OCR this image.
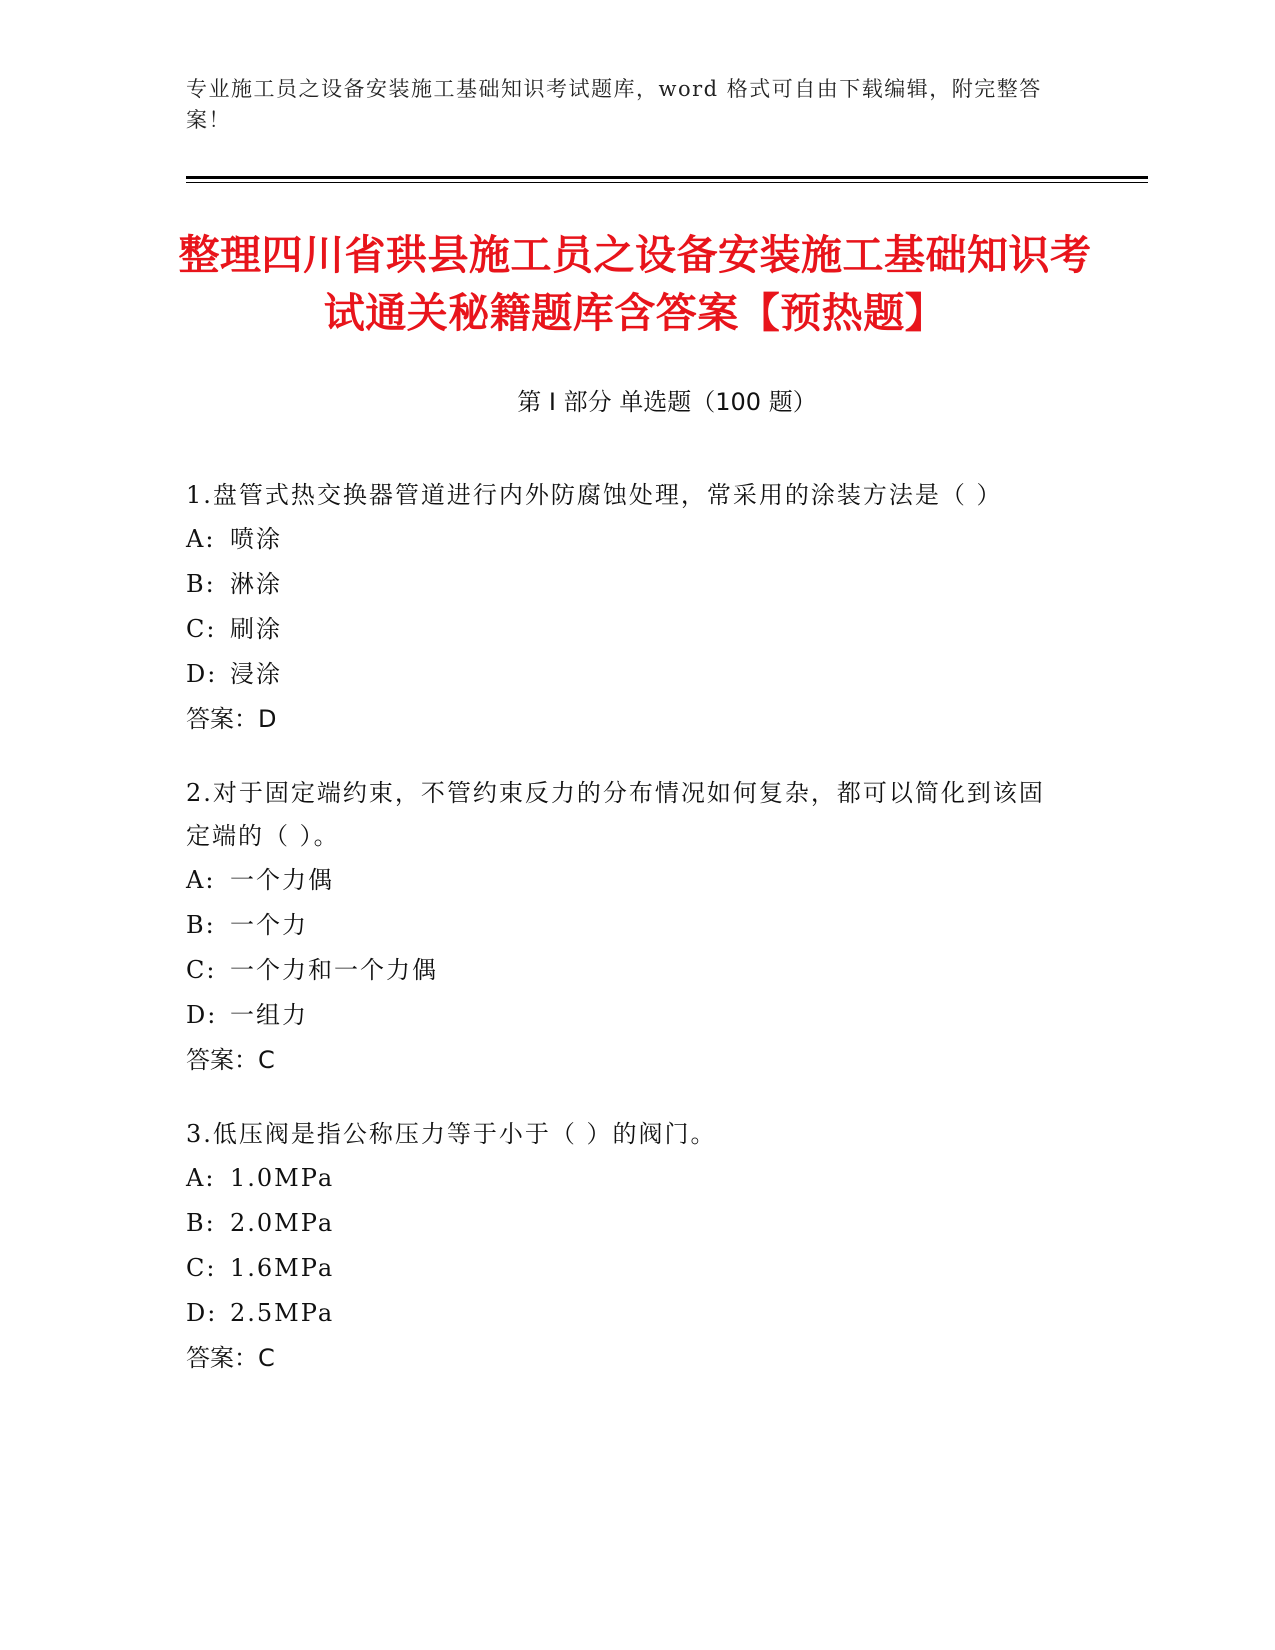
专业施工员之设备安装施工基础知识考试题库，word 格式可自由下载编辑，附完整答案！
整理四川省珙县施工员之设备安装施工基础知识考试通关秘籍题库含答案【预热题】
第 I 部分 单选题（100 题）

1.盘管式热交换器管道进行内外防腐蚀处理，常采用的涂装方法是（ ）

A: 喷涂
B: 淋涂
C: 刷涂
D: 浸涂
答案：D

2.对于固定端约束，不管约束反力的分布情况如何复杂，都可以简化到该固定端的（ ）。

A: 一个力偶
B: 一个力
C: 一个力和一个力偶
D: 一组力
答案：C

3.低压阀是指公称压力等于小于（ ）的阀门。

A: 1.0MPa
B: 2.0MPa
C: 1.6MPa
D: 2.5MPa
答案：C
